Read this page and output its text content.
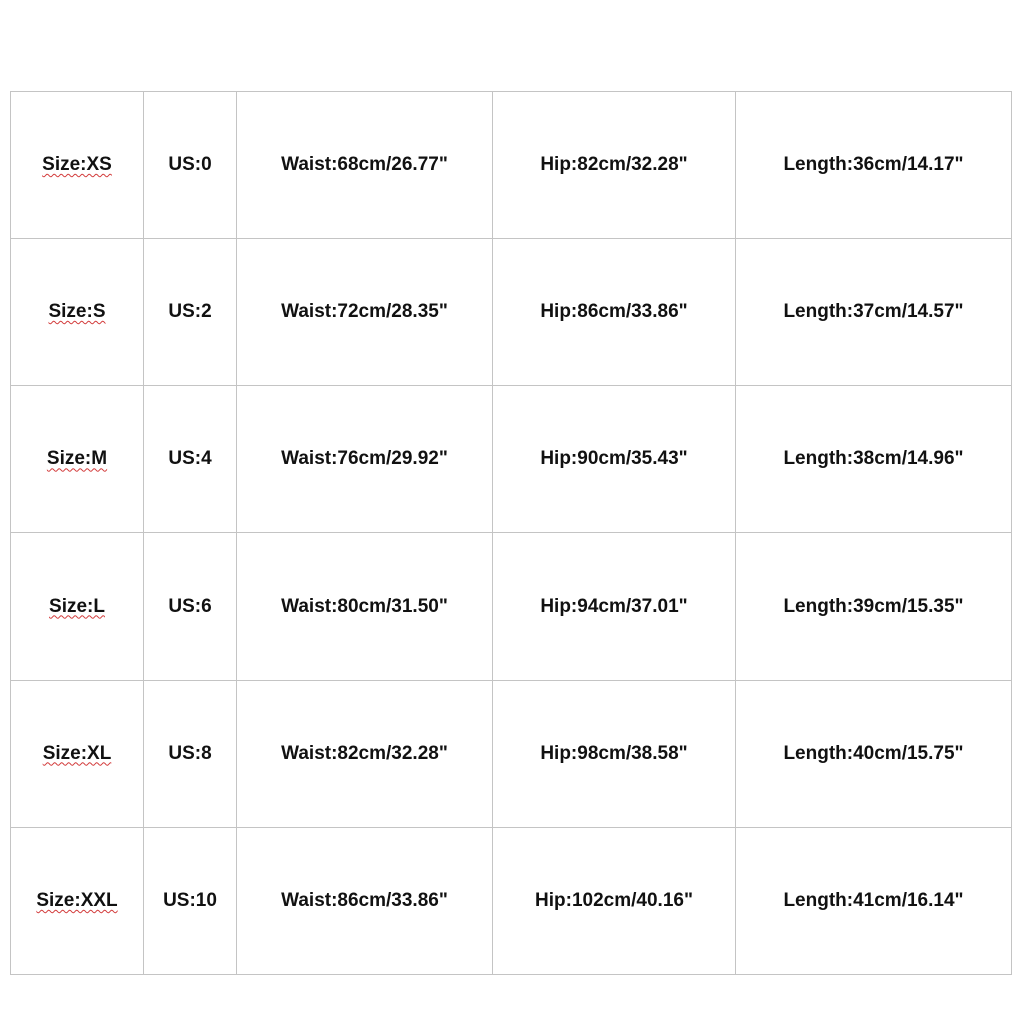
Size:XS	US:0	Waist:68cm/26.77"	Hip:82cm/32.28"	Length:36cm/14.17"
Size:S	US:2	Waist:72cm/28.35"	Hip:86cm/33.86"	Length:37cm/14.57"
Size:M	US:4	Waist:76cm/29.92"	Hip:90cm/35.43"	Length:38cm/14.96"
Size:L	US:6	Waist:80cm/31.50"	Hip:94cm/37.01"	Length:39cm/15.35"
Size:XL	US:8	Waist:82cm/32.28"	Hip:98cm/38.58"	Length:40cm/15.75"
Size:XXL	US:10	Waist:86cm/33.86"	Hip:102cm/40.16"	Length:41cm/16.14"
